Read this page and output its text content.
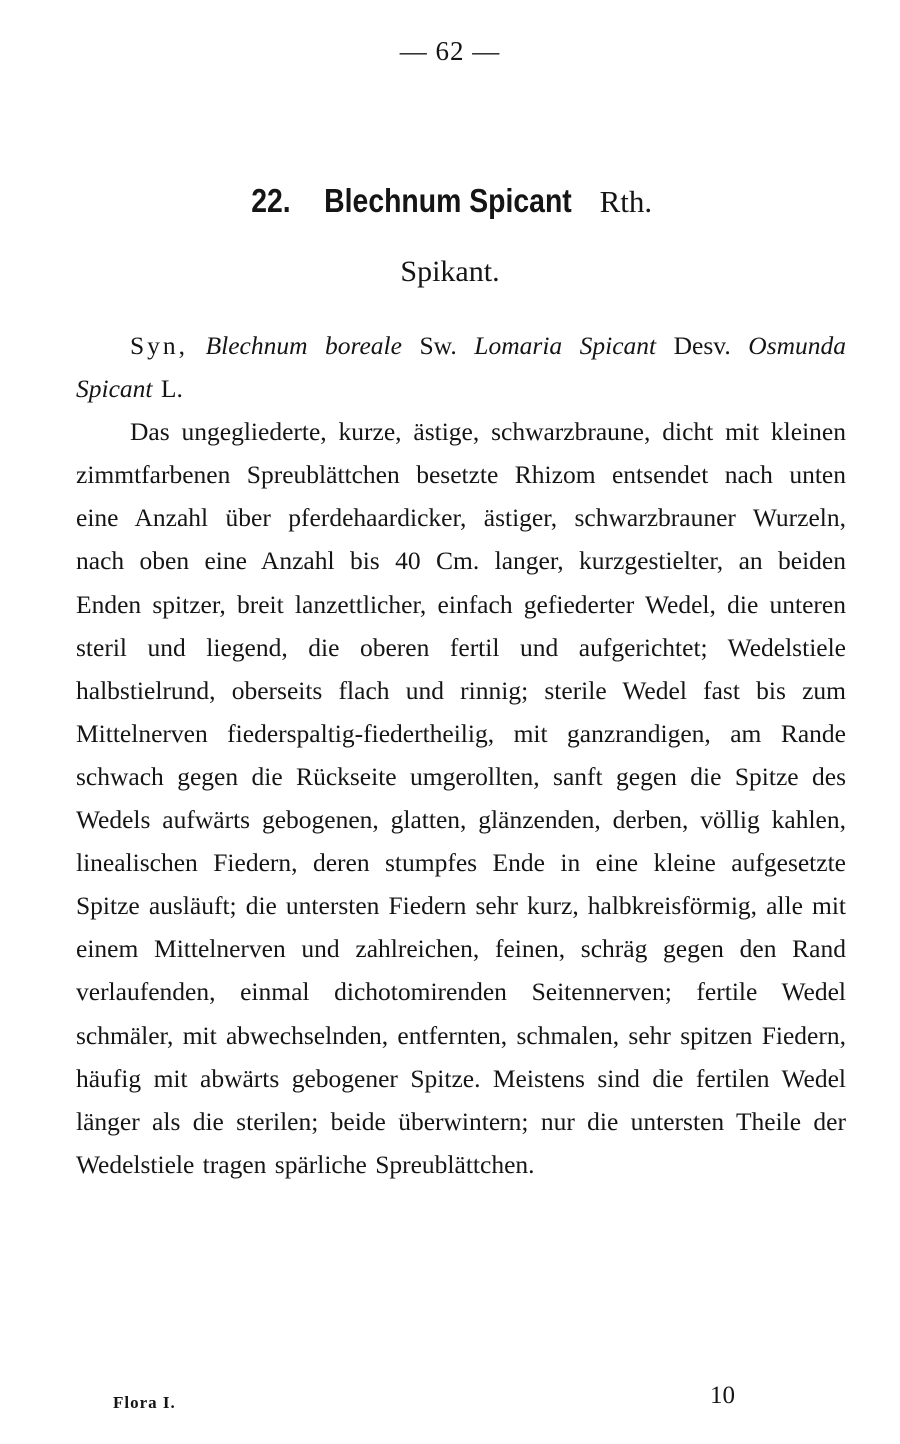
— 62 —
22. Blechnum Spicant Rth.
Spikant.

Syn, Blechnum boreale Sw. Lomaria Spicant Desv. Osmunda Spicant L.

Das ungegliederte, kurze, ästige, schwarzbraune, dicht mit kleinen zimmtfarbenen Spreublättchen besetzte Rhizom entsendet nach unten eine Anzahl über pferdehaardicker, ästiger, schwarzbrauner Wurzeln, nach oben eine Anzahl bis 40 Cm. langer, kurzgestielter, an beiden Enden spitzer, breit lanzettlicher, einfach gefiederter Wedel, die unteren steril und liegend, die oberen fertil und aufgerichtet; Wedelstiele halbstielrund, oberseits flach und rinnig; sterile Wedel fast bis zum Mittelnerven fiederspaltig-fiedertheilig, mit ganzrandigen, am Rande schwach gegen die Rückseite umgerollten, sanft gegen die Spitze des Wedels aufwärts gebogenen, glatten, glänzenden, derben, völlig kahlen, linealischen Fiedern, deren stumpfes Ende in eine kleine aufgesetzte Spitze ausläuft; die untersten Fiedern sehr kurz, halbkreisförmig, alle mit einem Mittelnerven und zahlreichen, feinen, schräg gegen den Rand verlaufenden, einmal dichotomirenden Seitennerven; fertile Wedel schmäler, mit abwechselnden, entfernten, schmalen, sehr spitzen Fiedern, häufig mit abwärts gebogener Spitze. Meistens sind die fertilen Wedel länger als die sterilen; beide überwintern; nur die untersten Theile der Wedelstiele tragen spärliche Spreublättchen.

Flora I.	10
